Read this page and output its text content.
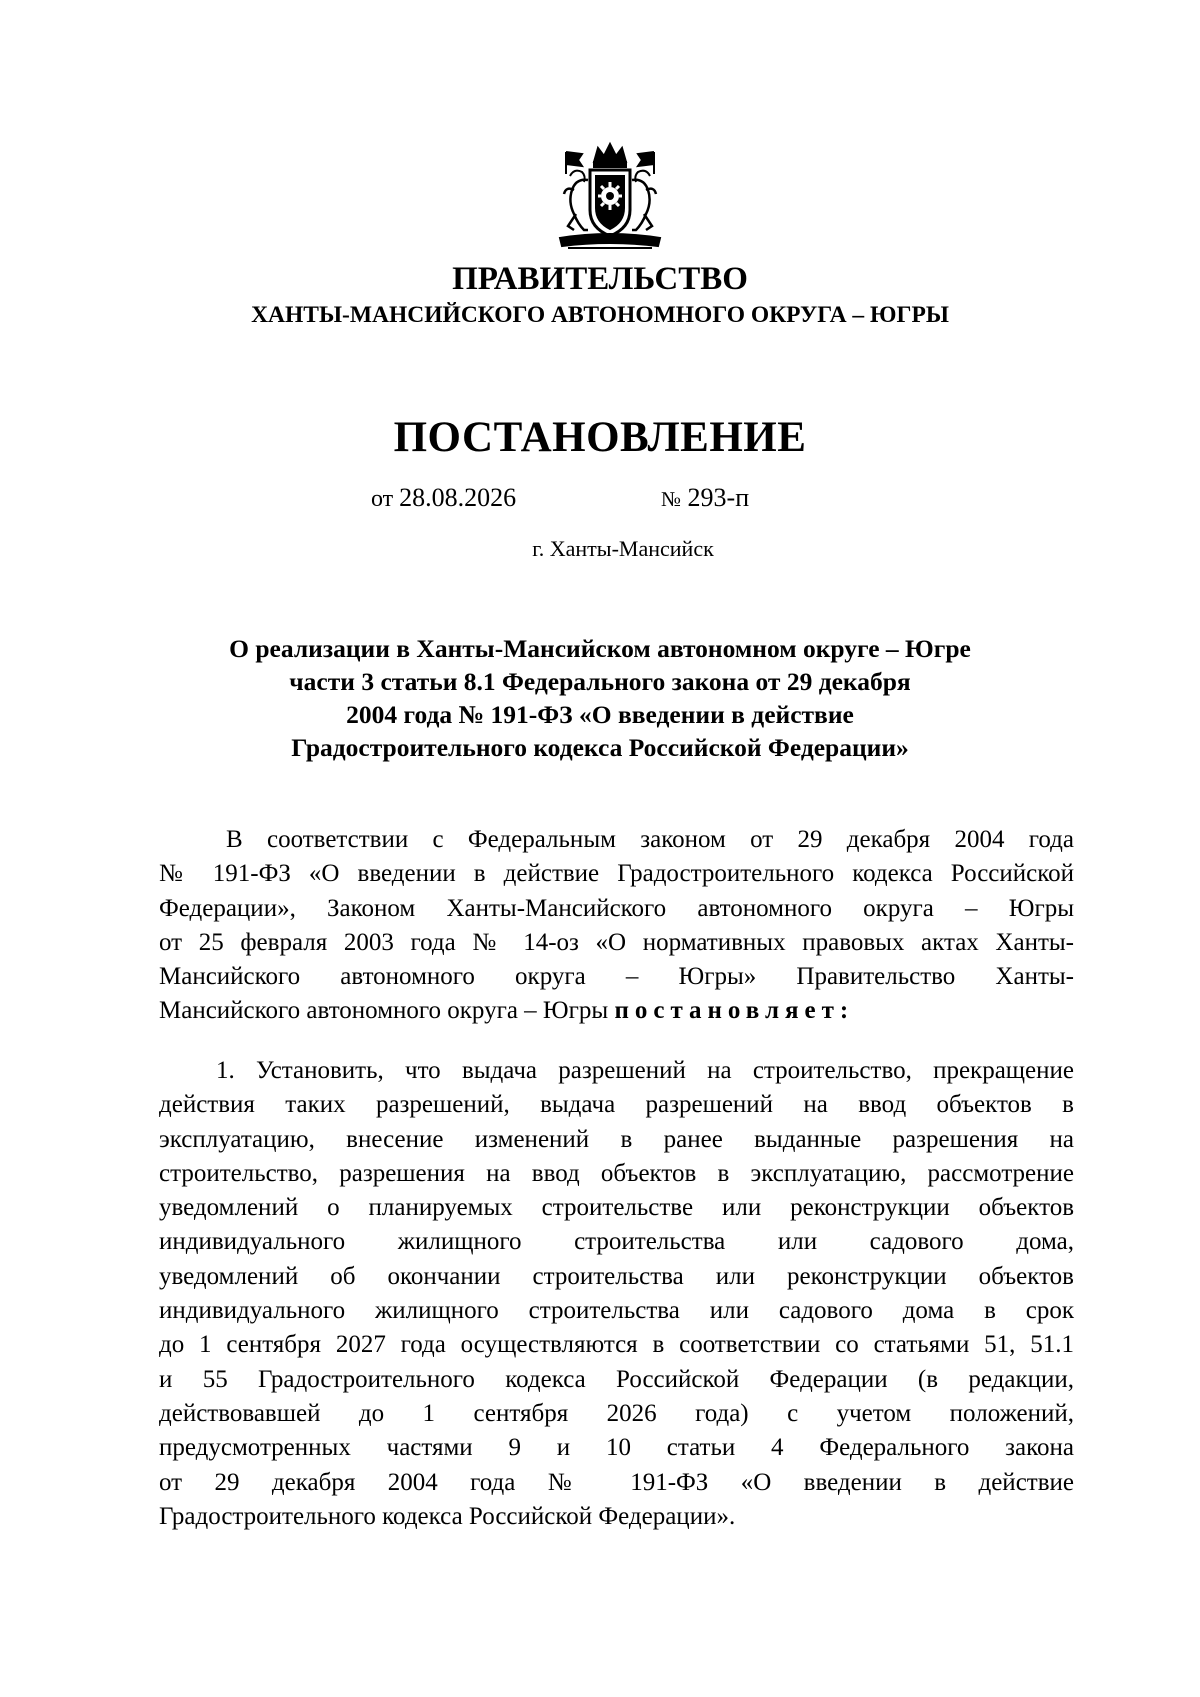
ПРАВИТЕЛЬСТВО
ХАНТЫ-МАНСИЙСКОГО АВТОНОМНОГО ОКРУГА – ЮГРЫ
ПОСТАНОВЛЕНИЕ
от 28.08.2026	№ 293-п
г. Ханты-Мансийск
О реализации в Ханты-Мансийском автономном округе – Югре
части 3 статьи 8.1 Федерального закона от 29 декабря
2004 года № 191-ФЗ «О введении в действие
Градостроительного кодекса Российской Федерации»
В соответствии с Федеральным законом от 29 декабря 2004 года
№ 191-ФЗ «О введении в действие Градостроительного кодекса Российской
Федерации», Законом Ханты-Мансийского автономного округа – Югры
от 25 февраля 2003 года № 14-оз «О нормативных правовых актах Ханты-
Мансийского автономного округа – Югры» Правительство Ханты-
Мансийского автономного округа – Югры постановляет:
1. Установить, что выдача разрешений на строительство, прекращение
действия таких разрешений, выдача разрешений на ввод объектов в
эксплуатацию, внесение изменений в ранее выданные разрешения на
строительство, разрешения на ввод объектов в эксплуатацию, рассмотрение
уведомлений о планируемых строительстве или реконструкции объектов
индивидуального жилищного строительства или садового дома,
уведомлений об окончании строительства или реконструкции объектов
индивидуального жилищного строительства или садового дома в срок
до 1 сентября 2027 года осуществляются в соответствии со статьями 51, 51.1
и 55 Градостроительного кодекса Российской Федерации (в редакции,
действовавшей до 1 сентября 2026 года) с учетом положений,
предусмотренных частями 9 и 10 статьи 4 Федерального закона
от 29 декабря 2004 года № 191-ФЗ «О введении в действие
Градостроительного кодекса Российской Федерации».
